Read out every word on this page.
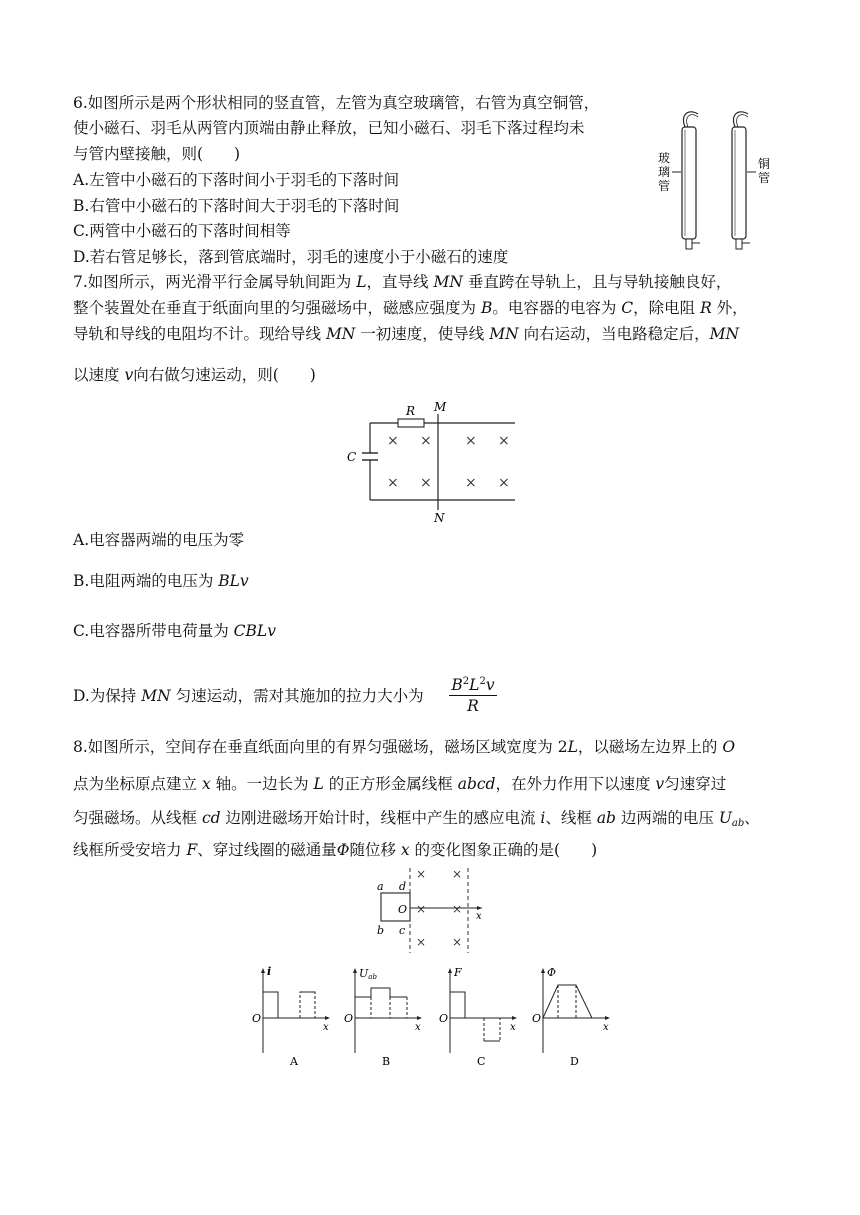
6.如图所示是两个形状相同的竖直管，左管为真空玻璃管，右管为真空铜管，
使小磁石、羽毛从两管内顶端由静止释放，已知小磁石、羽毛下落过程均未
与管内壁接触，则(　　)
A.左管中小磁石的下落时间小于羽毛的下落时间
B.右管中小磁石的下落时间大于羽毛的下落时间
C.两管中小磁石的下落时间相等
D.若右管足够长，落到管底端时，羽毛的速度小于小磁石的速度
玻
璃
管
铜
管
7.如图所示，两光滑平行金属导轨间距为 L，直导线 MN 垂直跨在导轨上，且与导轨接触良好，
整个装置处在垂直于纸面向里的匀强磁场中，磁感应强度为 B。电容器的电容为 C，除电阻 R 外，
导轨和导线的电阻均不计。现给导线 MN 一初速度，使导线 MN 向右运动，当电路稳定后，MN
以速度 v向右做匀速运动，则(　　)
C
R M
N
× × × ×
× × × ×
A.电容器两端的电压为零
B.电阻两端的电压为 BLv
C.电容器所带电荷量为 CBLv
D.为保持 MN 匀速运动，需对其施加的拉力大小为 $\frac{B^2L^2v}{R}$
8.如图所示，空间存在垂直纸面向里的有界匀强磁场，磁场区域宽度为 2L，以磁场左边界上的 O
点为坐标原点建立 x 轴。一边长为 L 的正方形金属线框 abcd，在外力作用下以速度 v匀速穿过
匀强磁场。从线框 cd 边刚进磁场开始计时，线框中产生的感应电流 i、线框 ab 边两端的电压 $U_{ab}$、
线框所受安培力 F、穿过线圈的磁通量Φ随位移 x 的变化图象正确的是(　　)
a d
b c
O
x
× ×
× ×
× ×
i
O
x
A
Uab
O
x
B
F
O
x
C
Φ
O
x
D
